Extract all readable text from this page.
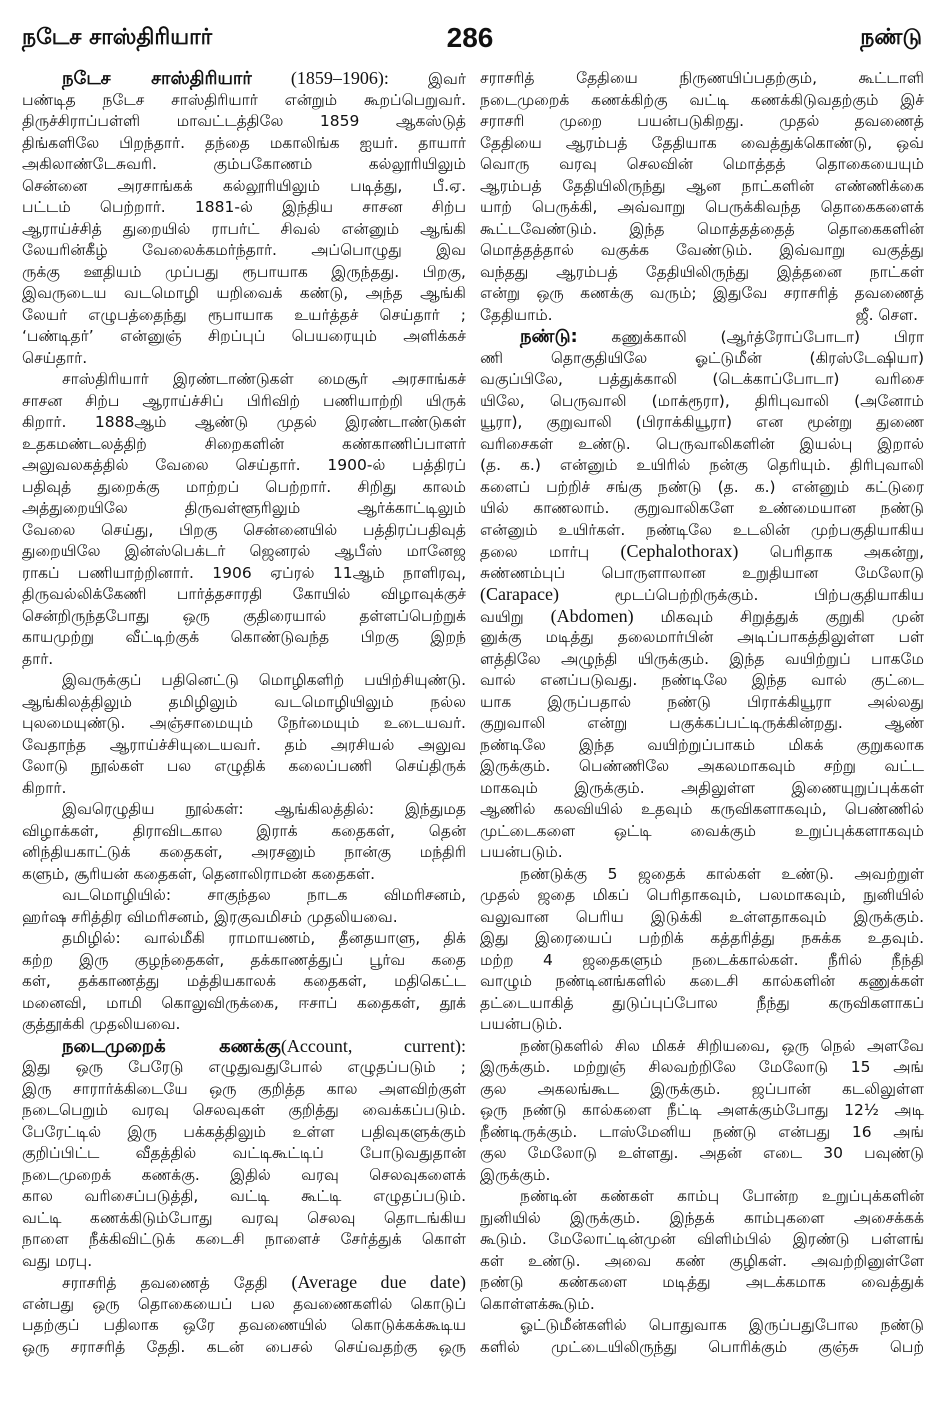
நடேச சாஸ்திரியார்	286	நண்டு
நடேச சாஸ்திரியார் (1859–1906): இவர்
பண்டித நடேச சாஸ்திரியார் என்றும் கூறப்பெறுவர்.
திருச்சிராப்பள்ளி மாவட்டத்திலே 1859 ஆகஸ்டுத்
திங்களிலே பிறந்தார். தந்தை மகாலிங்க ஐயர். தாயார்
அகிலாண்டேசுவரி. கும்பகோணம் கல்லூரியிலும்
சென்னை அரசாங்கக் கல்லூரியிலும் படித்து, பீ.ஏ.
பட்டம் பெற்றார். 1881-ல் இந்திய சாசன சிற்ப
ஆராய்ச்சித் துறையில் ராபர்ட் சிவல் என்னும் ஆங்கி
லேயரின்கீழ் வேலைக்கமர்ந்தார். அப்பொழுது இவ
ருக்கு ஊதியம் முப்பது ரூபாயாக இருந்தது. பிறகு,
இவருடைய வடமொழி யறிவைக் கண்டு, அந்த ஆங்கி
லேயர் எழுபத்தைந்து ரூபாயாக உயர்த்தச் செய்தார் ;
‘பண்டிதர்’ என்னுஞ் சிறப்புப் பெயரையும் அளிக்கச்
செய்தார்.
சாஸ்திரியார் இரண்டாண்டுகள் மைசூர் அரசாங்கச்
சாசன சிற்ப ஆராய்ச்சிப் பிரிவிற் பணியாற்றி யிருக்
கிறார். 1888ஆம் ஆண்டு முதல் இரண்டாண்டுகள்
உதகமண்டலத்திற் சிறைகளின் கண்காணிப்பாளர்
அலுவலகத்தில் வேலை செய்தார். 1900-ல் பத்திரப்
பதிவுத் துறைக்கு மாற்றப் பெற்றார். சிறிது காலம்
அத்துறையிலே திருவள்ளூரிலும் ஆர்க்காட்டிலும்
வேலை செய்து, பிறகு சென்னையில் பத்திரப்பதிவுத்
துறையிலே இன்ஸ்பெக்டர் ஜெனரல் ஆபீஸ் மானேஜ
ராகப் பணியாற்றினார். 1906 ஏப்ரல் 11ஆம் நாளிரவு,
திருவல்லிக்கேணி பார்த்தசாரதி கோயில் விழாவுக்குச்
சென்றிருந்தபோது ஒரு குதிரையால் தள்ளப்பெற்றுக்
காயமுற்று வீட்டிற்குக் கொண்டுவந்த பிறகு இறந்
தார்.
இவருக்குப் பதினெட்டு மொழிகளிற் பயிற்சியுண்டு.
ஆங்கிலத்திலும் தமிழிலும் வடமொழியிலும் நல்ல
புலமையுண்டு. அஞ்சாமையும் நேர்மையும் உடையவர்.
வேதாந்த ஆராய்ச்சியுடையவர். தம் அரசியல் அலுவ
லோடு நூல்கள் பல எழுதிக் கலைப்பணி செய்திருக்
கிறார்.
இவரெழுதிய நூல்கள்: ஆங்கிலத்தில்: இந்துமத
விழாக்கள், திராவிடகால இராக் கதைகள், தென்
னிந்தியகாட்டுக் கதைகள், அரசனும் நான்கு மந்திரி
களும், சூரியன் கதைகள், தெனாலிராமன் கதைகள்.
வடமொழியில்: சாகுந்தல நாடக விமரிசனம்,
ஹர்ஷ சரித்திர விமரிசனம், இரகுவமிசம் முதலியவை.
தமிழில்: வால்மீகி ராமாயணம், தீனதயாளு, திக்
கற்ற இரு குழந்தைகள், தக்காணத்துப் பூர்வ கதை
கள், தக்காணத்து மத்தியகாலக் கதைகள், மதிகெட்ட
மனைவி, மாமி கொலுவிருக்கை, ஈசாப் கதைகள், தூக்
குத்தூக்கி முதலியவை.
நடைமுறைக் கணக்கு(Account, current):
இது ஒரு பேரேடு எழுதுவதுபோல் எழுதப்படும் ;
இரு சாரார்க்கிடையே ஒரு குறித்த கால அளவிற்குள்
நடைபெறும் வரவு செலவுகள் குறித்து வைக்கப்படும்.
பேரேட்டில் இரு பக்கத்திலும் உள்ள பதிவுகளுக்கும்
குறிப்பிட்ட வீதத்தில் வட்டிகூட்டிப் போடுவதுதான்
நடைமுறைக் கணக்கு. இதில் வரவு செலவுகளைக்
கால வரிசைப்படுத்தி, வட்டி கூட்டி எழுதப்படும்.
வட்டி கணக்கிடும்போது வரவு செலவு தொடங்கிய
நாளை நீக்கிவிட்டுக் கடைசி நாளைச் சேர்த்துக் கொள்
வது மரபு.
சராசரித் தவணைத் தேதி (Average due date)
என்பது ஒரு தொகையைப் பல தவணைகளில் கொடுப்
பதற்குப் பதிலாக ஒரே தவணையில் கொடுக்கக்கூடிய
ஒரு சராசரித் தேதி. கடன் பைசல் செய்வதற்கு ஒரு
சராசரித் தேதியை நிருணயிப்பதற்கும், கூட்டாளி
நடைமுறைக் கணக்கிற்கு வட்டி கணக்கிடுவதற்கும் இச்
சராசரி முறை பயன்படுகிறது. முதல் தவணைத்
தேதியை ஆரம்பத் தேதியாக வைத்துக்கொண்டு, ஒவ்
வொரு வரவு செலவின் மொத்தத் தொகையையும்
ஆரம்பத் தேதியிலிருந்து ஆன நாட்களின் எண்ணிக்கை
யாற் பெருக்கி, அவ்வாறு பெருக்கிவந்த தொகைகளைக்
கூட்டவேண்டும். இந்த மொத்தத்தைத் தொகைகளின்
மொத்தத்தால் வகுக்க வேண்டும். இவ்வாறு வகுத்து
வந்தது ஆரம்பத் தேதியிலிருந்து இத்தனை நாட்கள்
என்று ஒரு கணக்கு வரும்; இதுவே சராசரித் தவணைத்
தேதியாம்.	ஜீ. செள.
நண்டு: கணுக்காலி (ஆர்த்ரோப்போடா) பிரா
ணி தொகுதியிலே ஓட்டுமீன் (கிரஸ்டேஷியா)
வகுப்பிலே, பத்துக்காலி (டெக்காப்போடா) வரிசை
யிலே, பெருவாலி (மாக்ரூரா), திரிபுவாலி (அனோம்
யூரா), குறுவாலி (பிராக்கியூரா) என மூன்று துணை
வரிசைகள் உண்டு. பெருவாலிகளின் இயல்பு இறால்
(த. க.) என்னும் உயிரில் நன்கு தெரியும். திரிபுவாலி
களைப் பற்றிச் சங்கு நண்டு (த. க.) என்னும் கட்டுரை
யில் காணலாம். குறுவாலிகளே உண்மையான நண்டு
என்னும் உயிர்கள். நண்டிலே உடலின் முற்பகுதியாகிய
தலை மார்பு (Cephalothorax) பெரிதாக அகன்று,
சுண்ணம்புப் பொருளாலான உறுதியான மேலோடு
(Carapace) மூடப்பெற்றிருக்கும். பிற்பகுதியாகிய
வயிறு (Abdomen) மிகவும் சிறுத்துக் குறுகி முன்
னுக்கு மடித்து தலைமார்பின் அடிப்பாகத்திலுள்ள பள்
ளத்திலே அழுந்தி யிருக்கும். இந்த வயிற்றுப் பாகமே
வால் எனப்படுவது. நண்டிலே இந்த வால் குட்டை
யாக இருப்பதால் நண்டு பிராக்கியூரா அல்லது
குறுவாலி என்று பகுக்கப்பட்டிருக்கின்றது. ஆண்
நண்டிலே இந்த வயிற்றுப்பாகம் மிகக் குறுகலாக
இருக்கும். பெண்ணிலே அகலமாகவும் சற்று வட்ட
மாகவும் இருக்கும். அதிலுள்ள இணையுறுப்புக்கள்
ஆணில் கலவியில் உதவும் கருவிகளாகவும், பெண்ணில்
முட்டைகளை ஒட்டி வைக்கும் உறுப்புக்களாகவும்
பயன்படும்.
நண்டுக்கு 5 ஜதைக் கால்கள் உண்டு. அவற்றுள்
முதல் ஜதை மிகப் பெரிதாகவும், பலமாகவும், நுனியில்
வலுவான பெரிய இடுக்கி உள்ளதாகவும் இருக்கும்.
இது இரையைப் பற்றிக் கத்தரித்து நசுக்க உதவும்.
மற்ற 4 ஜதைகளும் நடைக்கால்கள். நீரில் நீந்தி
வாழும் நண்டினங்களில் கடைசி கால்களின் கணுக்கள்
தட்டையாகித் துடுப்புப்போல நீந்து கருவிகளாகப்
பயன்படும்.
நண்டுகளில் சில மிகச் சிறியவை, ஒரு நெல் அளவே
இருக்கும். மற்றுஞ் சிலவற்றிலே மேலோடு 15 அங்
குல அகலங்கூட இருக்கும். ஜப்பான் கடலிலுள்ள
ஒரு நண்டு கால்களை நீட்டி அளக்கும்போது 12½ அடி
நீண்டிருக்கும். டாஸ்மேனிய நண்டு என்பது 16 அங்
குல மேலோடு உள்ளது. அதன் எடை 30 பவுண்டு
இருக்கும்.
நண்டின் கண்கள் காம்பு போன்ற உறுப்புக்களின்
நுனியில் இருக்கும். இந்தக் காம்புகளை அசைக்கக்
கூடும். மேலோட்டின்முன் விளிம்பில் இரண்டு பள்ளங்
கள் உண்டு. அவை கண் குழிகள். அவற்றினுள்ளே
நண்டு கண்களை மடித்து அடக்கமாக வைத்துக்
கொள்ளக்கூடும்.
ஓட்டுமீன்களில் பொதுவாக இருப்பதுபோல நண்டு
களில் முட்டையிலிருந்து பொரிக்கும் குஞ்சு பெற்
